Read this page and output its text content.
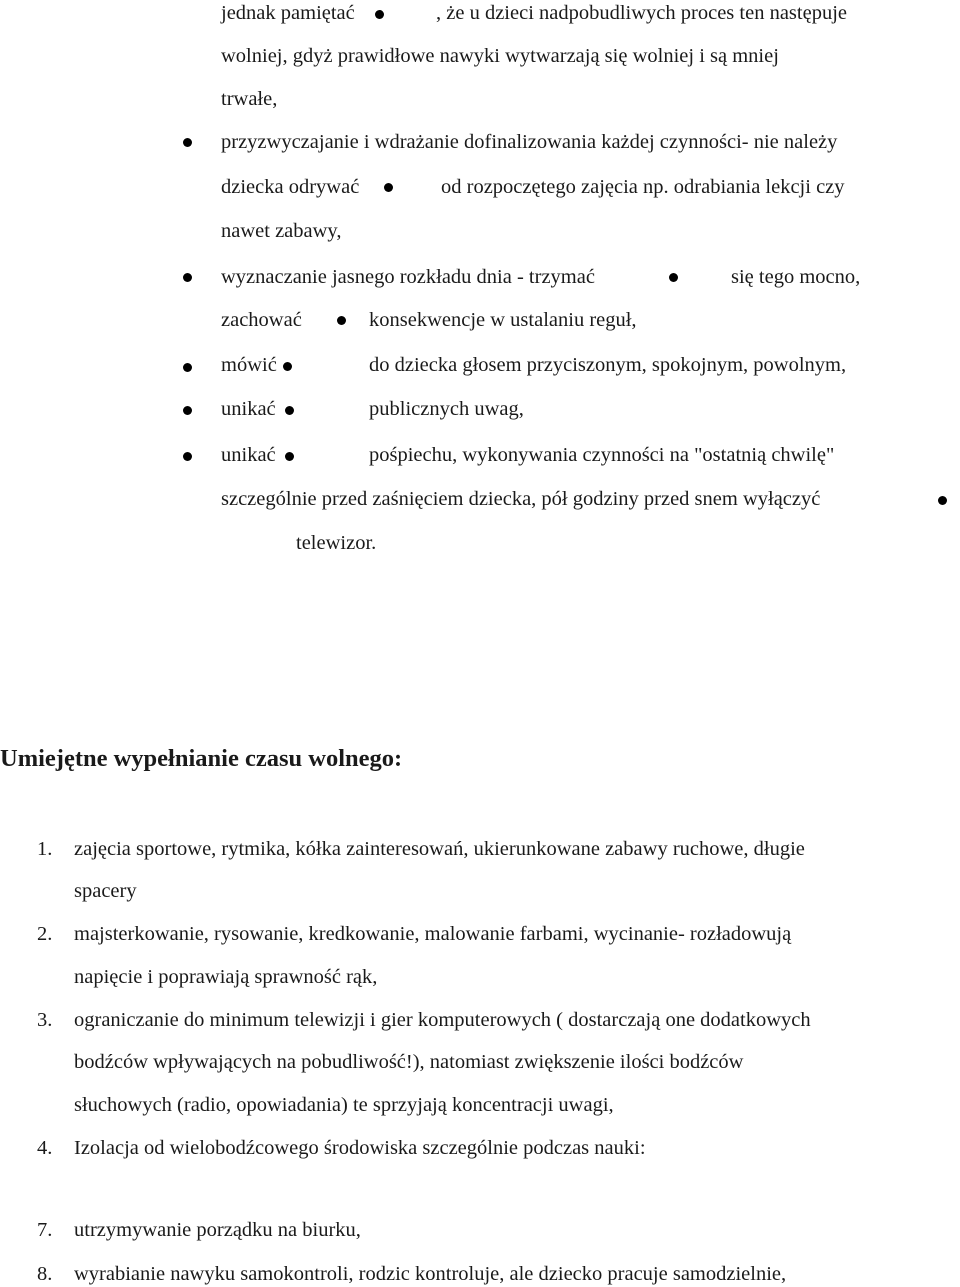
jednak pamiętać	, że u dzieci nadpobudliwych proces ten następuje
wolniej, gdyż prawidłowe nawyki wytwarzają się wolniej i są mniej
trwałe,
przyzwyczajanie i wdrażanie dofinalizowania każdej czynności- nie należy
dziecka odrywać	od rozpoczętego zajęcia np. odrabiania lekcji czy
nawet zabawy,
wyznaczanie jasnego rozkładu dnia - trzymać	się tego mocno,
zachować	konsekwencje w ustalaniu reguł,
mówić	do dziecka głosem przyciszonym, spokojnym, powolnym,
unikać	publicznych uwag,
unikać	pośpiechu, wykonywania czynności na "ostatnią chwilę"
szczególnie przed zaśnięciem dziecka, pół godziny przed snem wyłączyć
telewizor.
Umiejętne wypełnianie czasu wolnego:
1. zajęcia sportowe, rytmika, kółka zainteresowań, ukierunkowane zabawy ruchowe, długie
spacery
2. majsterkowanie, rysowanie, kredkowanie, malowanie farbami, wycinanie- rozładowują
napięcie i poprawiają sprawność rąk,
3. ograniczanie do minimum telewizji i gier komputerowych ( dostarczają one dodatkowych
bodźców wpływających na pobudliwość!), natomiast zwiększenie ilości bodźców
słuchowych (radio, opowiadania) te sprzyjają koncentracji uwagi,
4. Izolacja od wielobodźcowego środowiska szczególnie podczas nauki:
7. utrzymywanie porządku na biurku,
8. wyrabianie nawyku samokontroli, rodzic kontroluje, ale dziecko pracuje samodzielnie,
